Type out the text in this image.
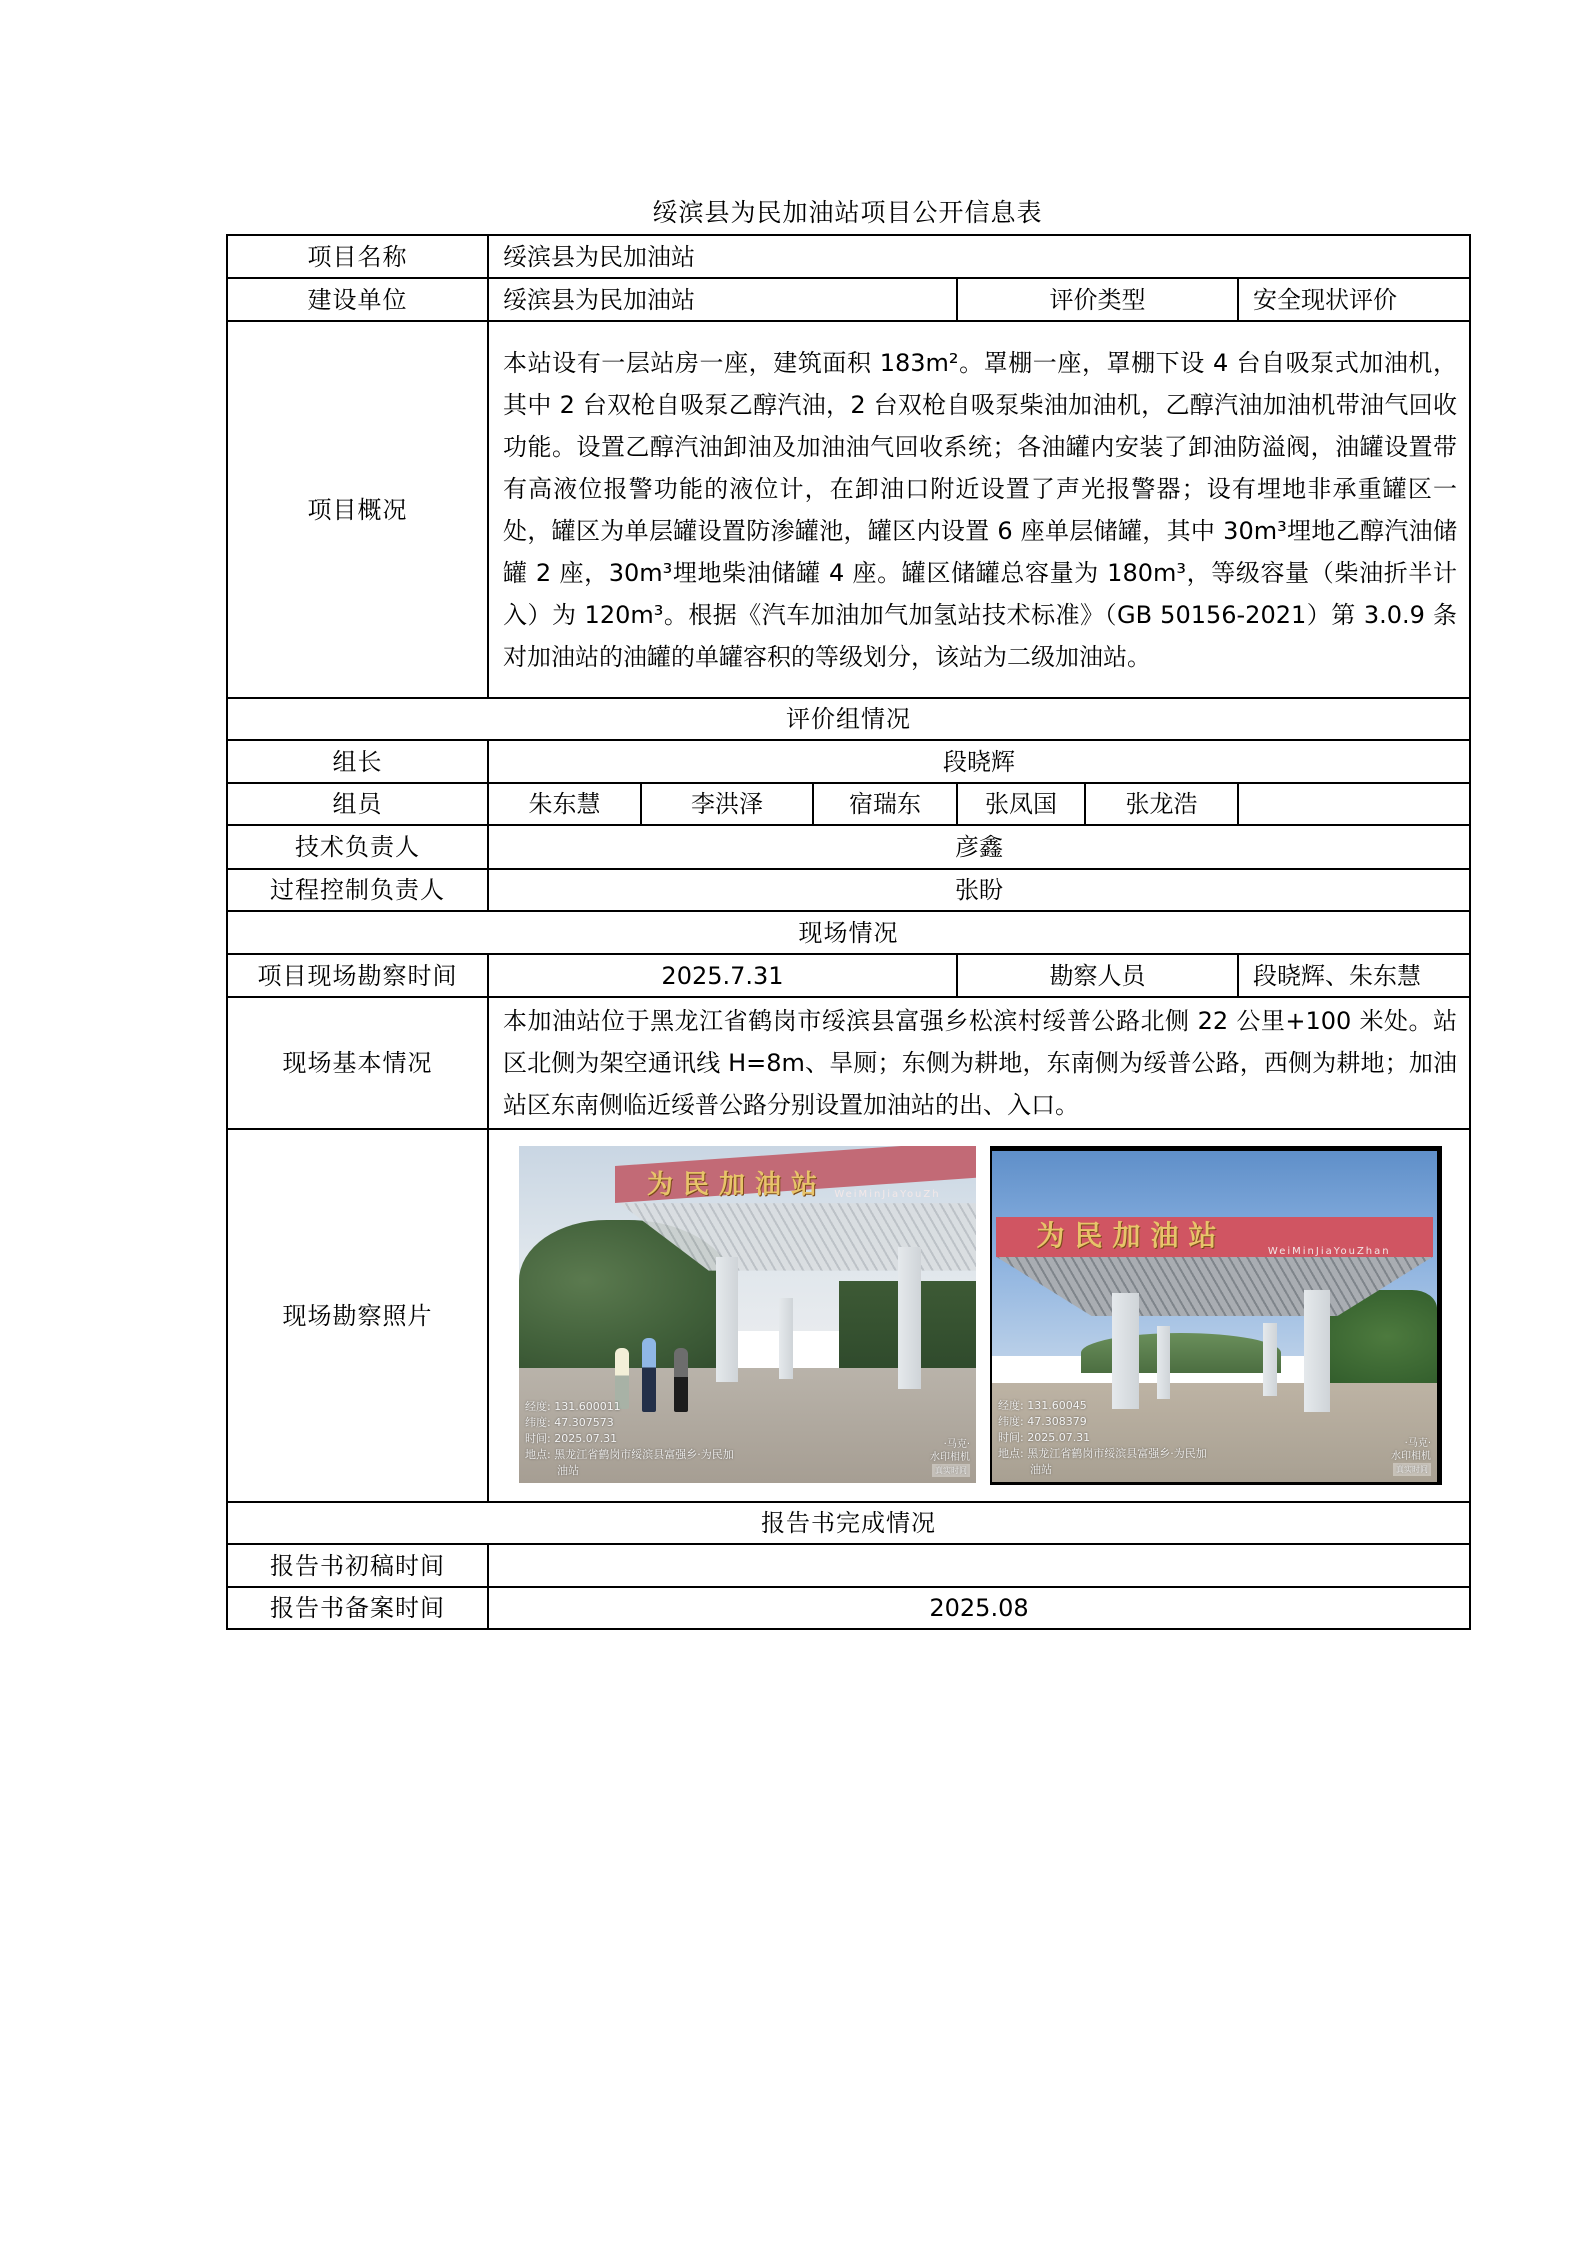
绥滨县为民加油站项目公开信息表
项目名称	绥滨县为民加油站					
建设单位	绥滨县为民加油站			评价类型		安全现状评价
项目概况	本站设有一层站房一座，建筑面积 183m²。罩棚一座，罩棚下设 4 台自吸泵式加油机，其中 2 台双枪自吸泵乙醇汽油，2 台双枪自吸泵柴油加油机，乙醇汽油加油机带油气回收功能。设置乙醇汽油卸油及加油油气回收系统；各油罐内安装了卸油防溢阀，油罐设置带有高液位报警功能的液位计，在卸油口附近设置了声光报警器；设有埋地非承重罐区一处，罐区为单层罐设置防渗罐池，罐区内设置 6 座单层储罐，其中 30m³埋地乙醇汽油储罐 2 座，30m³埋地柴油储罐 4 座。罐区储罐总容量为 180m³，等级容量（柴油折半计入）为 120m³。根据《汽车加油加气加氢站技术标准》（GB 50156-2021）第 3.0.9 条对加油站的油罐的单罐容积的等级划分，该站为二级加油站。					
评价组情况						
组长	段晓辉					
组员	朱东慧	李洪泽	宿瑞东	张凤国	张龙浩	
技术负责人	彦鑫					
过程控制负责人	张盼					
现场情况						
项目现场勘察时间	2025.7.31			勘察人员		段晓辉、朱东慧
现场基本情况	本加油站位于黑龙江省鹤岗市绥滨县富强乡松滨村绥普公路北侧 22 公里+100 米处。站区北侧为架空通讯线 H=8m、旱厕；东侧为耕地，东南侧为绥普公路，西侧为耕地；加油站区东南侧临近绥普公路分别设置加油站的出、入口。					
现场勘察照片	
为民加油站 WeiMinJiaYouZh
经度: 131.600011
纬度: 47.307573
时间: 2025.07.31
地点: 黑龙江省鹤岗市绥滨县富强乡·为民加
油站
·马克·
水印相机
真实时间
为民加油站
WeiMinJiaYouZhan
经度: 131.60045
纬度: 47.308379
时间: 2025.07.31
地点: 黑龙江省鹤岗市绥滨县富强乡·为民加
油站
·马克·
水印相机
真实时间

报告书完成情况						
报告书初稿时间						
报告书备案时间	2025.08					
